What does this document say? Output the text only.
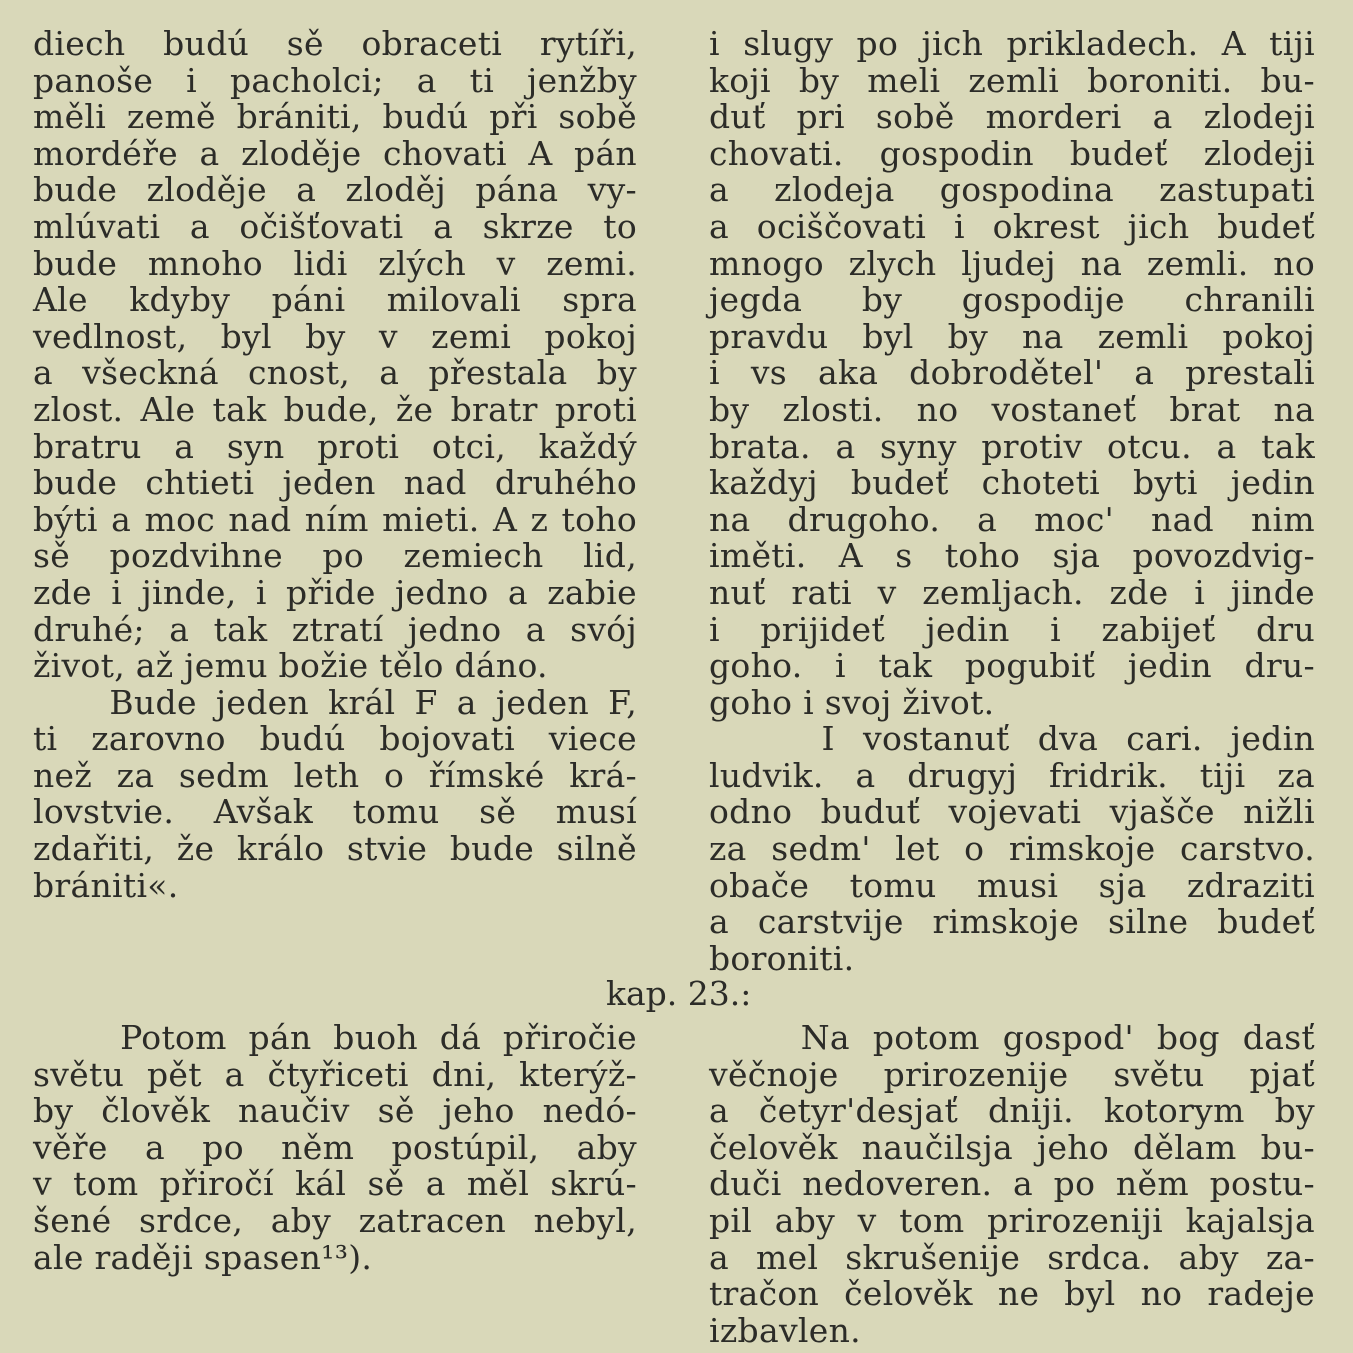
diech budú sě obraceti rytíři,
panoše i pacholci; a ti jenžby
měli země brániti, budú při sobě
mordéře a zloděje chovati A pán
bude zloděje a zloděj pána vy-
mlúvati a očišťovati a skrze to
bude mnoho lidi zlých v zemi.
Ale kdyby páni milovali spra
vedlnost, byl by v zemi pokoj
a všeckná cnost, a přestala by
zlost. Ale tak bude, že bratr proti
bratru a syn proti otci, každý
bude chtieti jeden nad druhého
býti a moc nad ním mieti. A z toho
sě pozdvihne po zemiech lid,
zde i jinde, i přide jedno a zabie
druhé; a tak ztratí jedno a svój
život, až jemu božie tělo dáno.
Bude jeden král F a jeden F,
ti zarovno budú bojovati viece
než za sedm leth o římské krá-
lovstvie. Avšak tomu sě musí
zdařiti, že králo stvie bude silně
brániti«.
i slugy po jich prikladech. A tiji
koji by meli zemli boroniti. bu-
duť pri sobě morderi a zlodeji
chovati. gospodin budeť zlodeji
a zlodeja gospodina zastupati
a ociščovati i okrest jich budeť
mnogo zlych ljudej na zemli. no
jegda by gospodije chranili
pravdu byl by na zemli pokoj
i vs aka dobrodětel' a prestali
by zlosti. no vostaneť brat na
brata. a syny protiv otcu. a tak
každyj budeť choteti byti jedin
na drugoho. a moc' nad nim
iměti. A s toho sja povozdvig-
nuť rati v zemljach. zde i jinde
i prijideť jedin i zabijeť dru
goho. i tak pogubiť jedin dru-
goho i svoj život.
I vostanuť dva cari. jedin
ludvik. a drugyj fridrik. tiji za
odno buduť vojevati vjašče nižli
za sedm' let o rimskoje carstvo.
obače tomu musi sja zdraziti
a carstvije rimskoje silne budeť
boroniti.
kap. 23.:
Potom pán buoh dá přiročie
světu pět a čtyřiceti dni, kterýž-
by člověk naučiv sě jeho nedó-
věře a po něm postúpil, aby
v tom přiročí kál sě a měl skrú-
šené srdce, aby zatracen nebyl,
ale raději spasen¹³).
Na potom gospod' bog dasť
věčnoje prirozenije světu pjať
a četyr'desjať dniji. kotorym by
čelověk naučilsja jeho dělam bu-
duči nedoveren. a po něm postu-
pil aby v tom prirozeniji kajalsja
a mel skrušenije srdca. aby za-
tračon čelověk ne byl no radeje
izbavlen.
